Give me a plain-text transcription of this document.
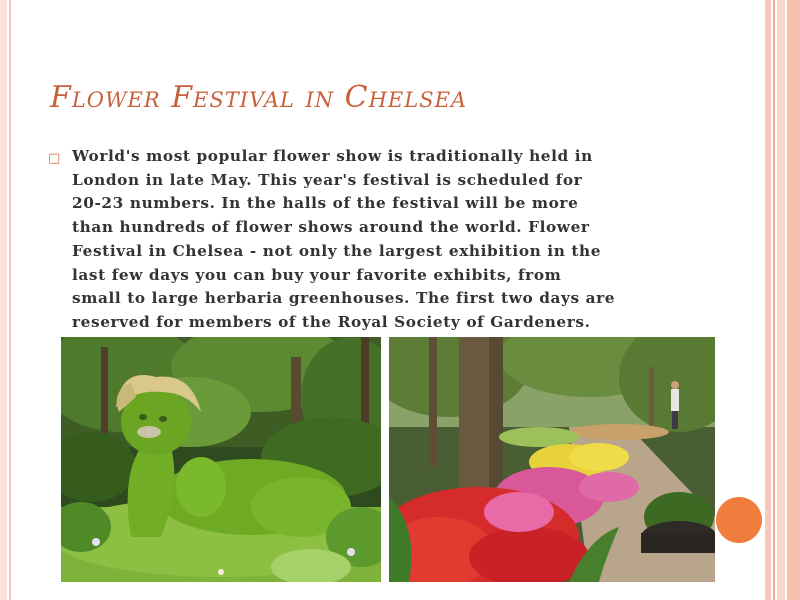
Flower Festival in Chelsea
□ World's most popular flower show is traditionally held in
London in late May. This year's festival is scheduled for
20-23 numbers. In the halls of the festival will be more
than hundreds of flower shows around the world. Flower
Festival in Chelsea - not only the largest exhibition in the
last few days you can buy your favorite exhibits, from
small to large herbaria greenhouses. The first two days are
reserved for members of the Royal Society of Gardeners.
